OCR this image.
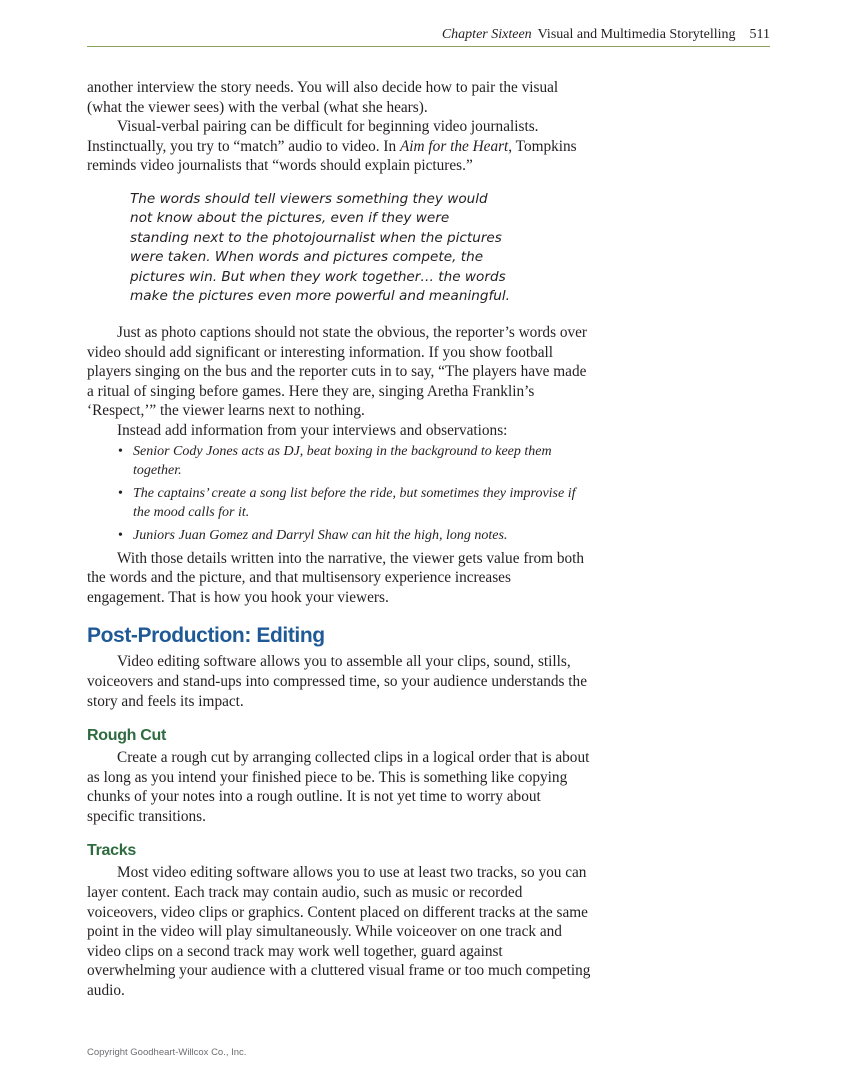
Chapter Sixteen Visual and Multimedia Storytelling 511

another interview the story needs. You will also decide how to pair the visual (what the viewer sees) with the verbal (what she hears).

Visual-verbal pairing can be difficult for beginning video journalists. Instinctually, you try to “match” audio to video. In Aim for the Heart, Tompkins reminds video journalists that “words should explain pictures.”

The words should tell viewers something they would not know about the pictures, even if they were standing next to the photojournalist when the pictures were taken. When words and pictures compete, the pictures win. But when they work together… the words make the pictures even more powerful and meaningful.

Just as photo captions should not state the obvious, the reporter’s words over video should add significant or interesting information. If you show football players singing on the bus and the reporter cuts in to say, “The players have made a ritual of singing before games. Here they are, singing Aretha Franklin’s ‘Respect,’” the viewer learns next to nothing.

Instead add information from your interviews and observations:

• Senior Cody Jones acts as DJ, beat boxing in the background to keep them together.
• The captains’ create a song list before the ride, but sometimes they improvise if the mood calls for it.
• Juniors Juan Gomez and Darryl Shaw can hit the high, long notes.

With those details written into the narrative, the viewer gets value from both the words and the picture, and that multisensory experience increases engagement. That is how you hook your viewers.

Post-Production: Editing

Video editing software allows you to assemble all your clips, sound, stills, voiceovers and stand-ups into compressed time, so your audience understands the story and feels its impact.

Rough Cut

Create a rough cut by arranging collected clips in a logical order that is about as long as you intend your finished piece to be. This is something like copying chunks of your notes into a rough outline. It is not yet time to worry about specific transitions.

Tracks

Most video editing software allows you to use at least two tracks, so you can layer content. Each track may contain audio, such as music or recorded voiceovers, video clips or graphics. Content placed on different tracks at the same point in the video will play simultaneously. While voiceover on one track and video clips on a second track may work well together, guard against overwhelming your audience with a cluttered visual frame or too much competing audio.

Copyright Goodheart-Willcox Co., Inc.
